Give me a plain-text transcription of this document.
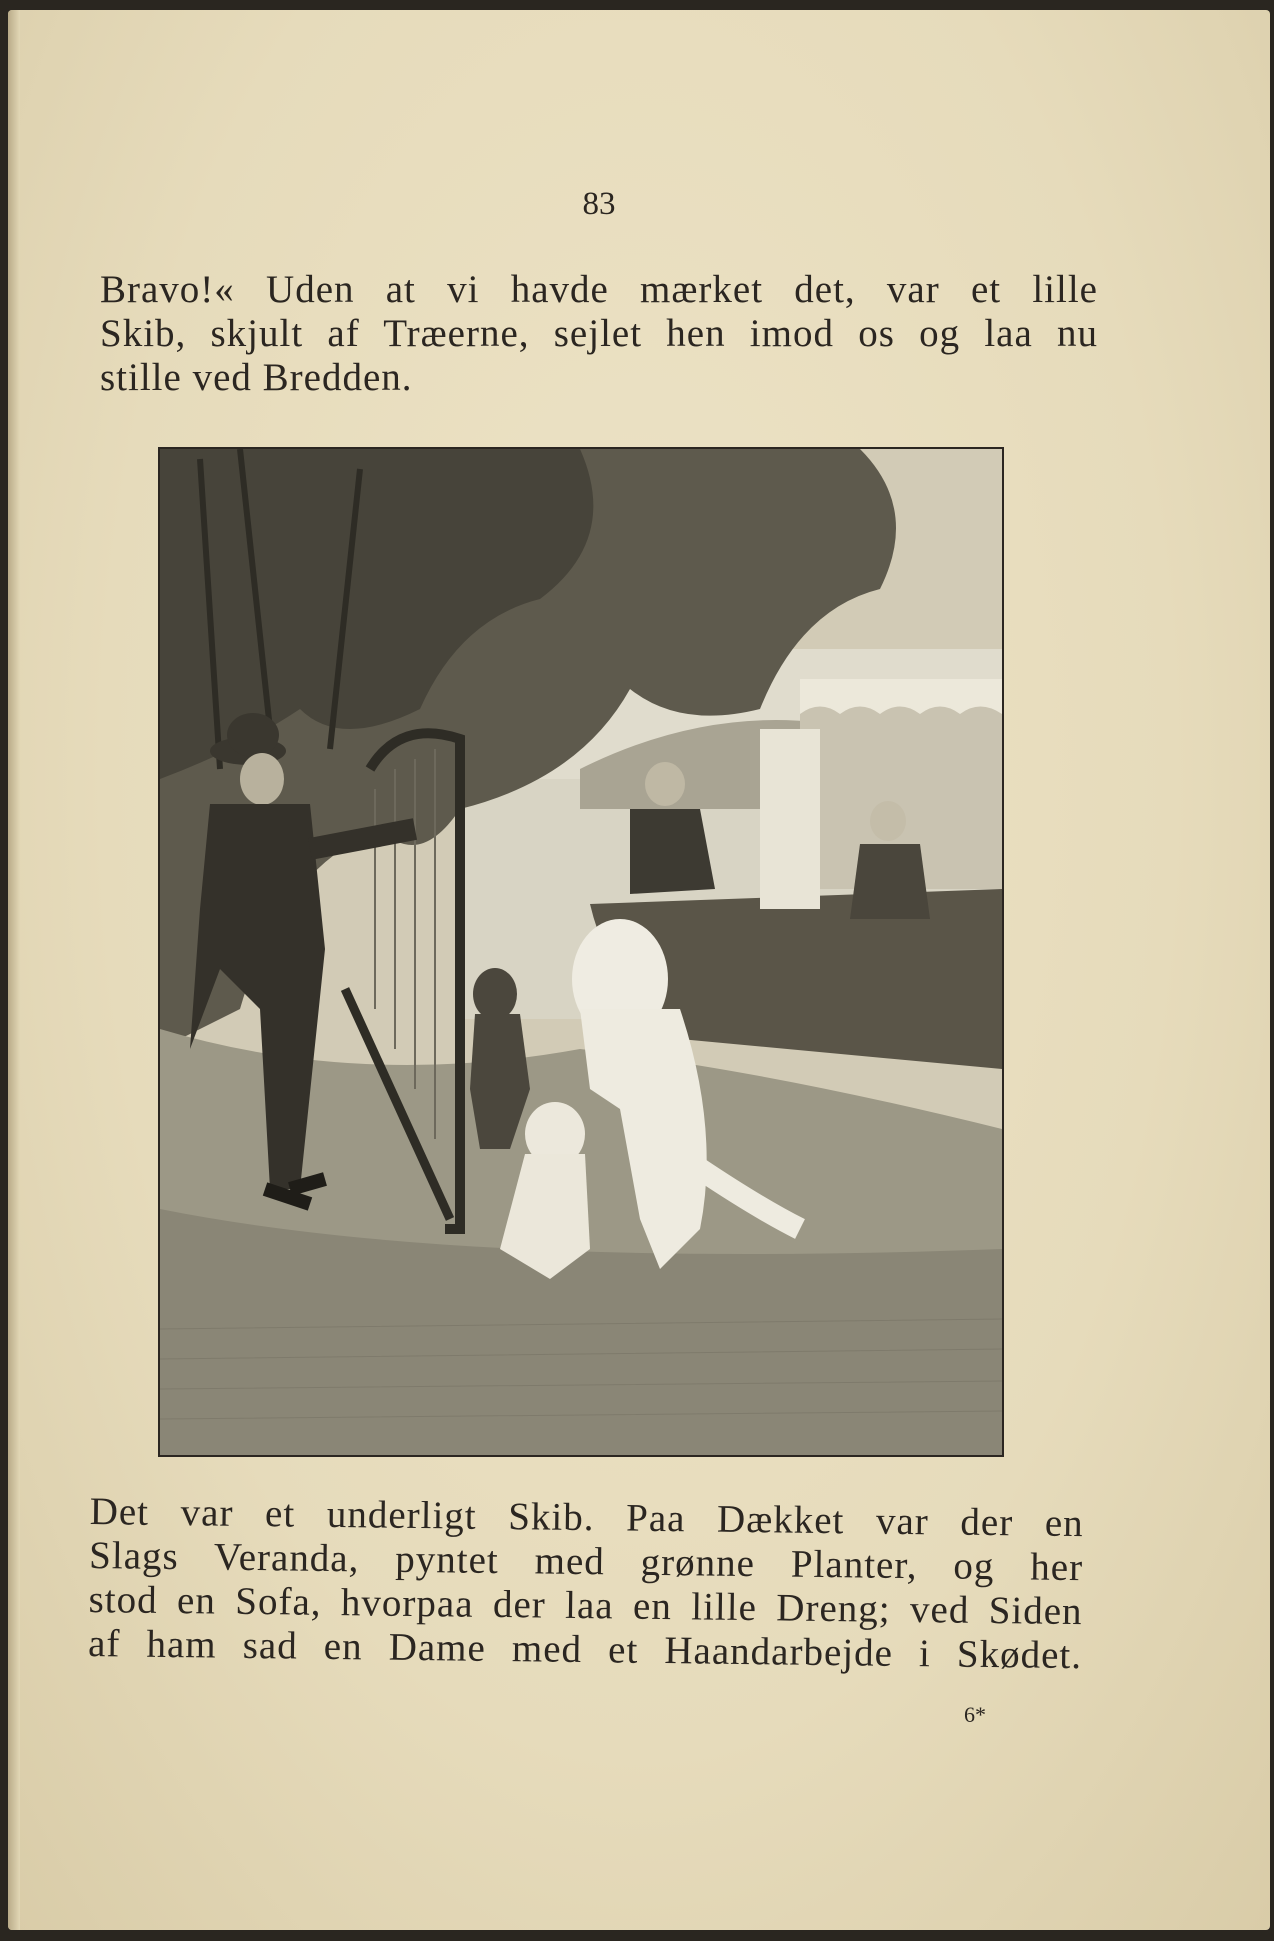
83
Bravo!« Uden at vi havde mærket det, var et lille
Skib, skjult af Træerne, sejlet hen imod os og laa nu
stille ved Bredden.
Det var et underligt Skib. Paa Dækket var der en
Slags Veranda, pyntet med grønne Planter, og her
stod en Sofa, hvorpaa der laa en lille Dreng; ved Siden
af ham sad en Dame med et Haandarbejde i Skødet.
6*
